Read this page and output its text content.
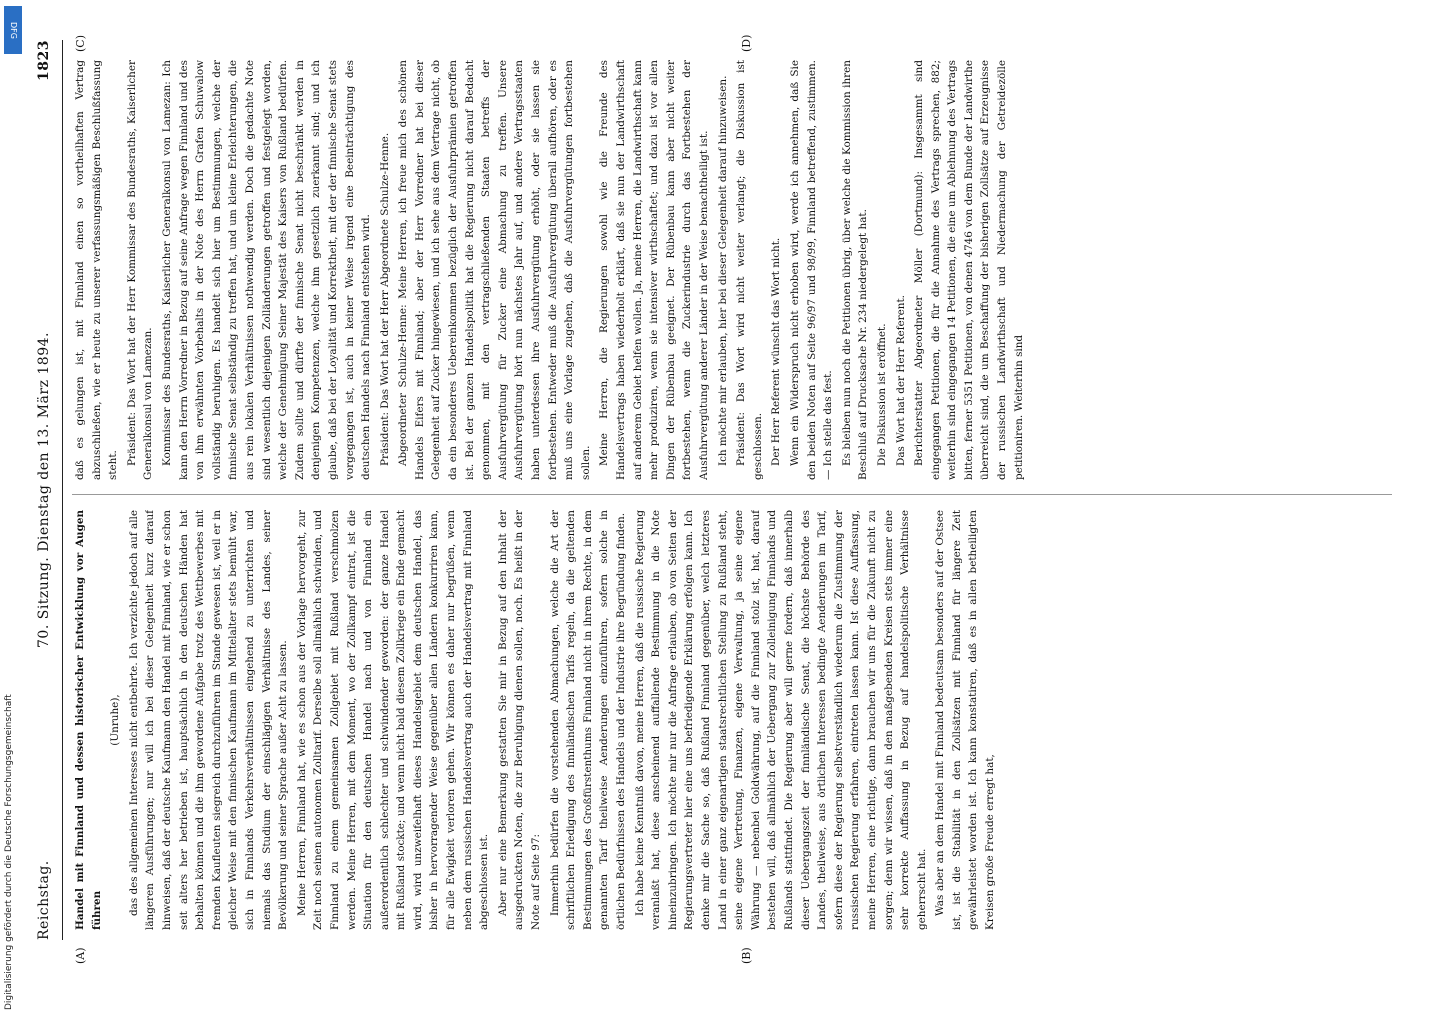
Reichstag.
70. Sitzung. Dienstag den 13. März 1894.
1823
(A)	(B)
(C)	(D)

Handel mit Finnland und dessen historischer Entwicklung vor Augen führen

(Unruhe), das des allgemeinen Interesses nicht entbehrte. Ich verzichte jedoch auf alle längeren Ausführungen; nur will ich bei dieser Gelegenheit kurz darauf hinweisen, daß der deutsche Kaufmann den Handel mit Finnland, wie er schon seit alters her betrieben ist, hauptsächlich in den deutschen Händen hat behalten können und die ihm gewordene Aufgabe trotz des Wettbewerbes mit fremden Kaufleuten siegreich durchzuführen im Stande gewesen ist, weil er in gleicher Weise mit den finnischen Kaufmann im Mittelalter stets bemüht war, sich in Finnlands Verkehrsverhältnissen eingehend zu unterrichten und niemals das Studium der einschlägigen Verhältnisse des Landes, seiner Bevölkerung und seiner Sprache außer Acht zu lassen. Meine Herren, Finnland hat, wie es schon aus der Vorlage hervorgeht, zur Zeit noch seinen autonomen Zolltarif. Derselbe soll allmählich schwinden, und Finnland zu einem gemeinsamen Zollgebiet mit Rußland verschmolzen werden. Meine Herren, mit dem Moment, wo der Zollkampf eintrat, ist die Situation für den deutschen Handel nach und von Finnland ein außerordentlich schlechter und schwindender geworden: der ganze Handel mit Rußland stockte; und wenn nicht bald diesem Zollkriege ein Ende gemacht wird, wird unzweifelhaft dieses Handelsgebiet dem deutschen Handel, das bisher in hervorragender Weise gegenüber allen Ländern konkurriren kann, für alle Ewigkeit verloren gehen. Wir können es daher nur begrüßen, wenn neben dem russischen Handelsvertrag auch der Handelsvertrag mit Finnland abgeschlossen ist. Aber nur eine Bemerkung gestatten Sie mir in Bezug auf den Inhalt der ausgedruckten Noten, die zur Beruhigung dienen sollen, noch. Es heißt in der Note auf Seite 97: Immerhin bedürfen die vorstehenden Abmachungen, welche die Art der schriftlichen Erledigung des finnländischen Tarifs regeln, da die geltenden Bestimmungen des Großfürstenthums Finnland nicht in ihrem Rechte, in dem genannten Tarif theilweise Aenderungen einzuführen, sofern solche in örtlichen Bedürfnissen des Handels und der Industrie ihre Begründung finden. Ich habe keine Kenntniß davon, meine Herren, daß die russische Regierung veranlaßt hat, diese anscheinend auffallende Bestimmung in die Note hineinzubringen. Ich möchte mir nur die Anfrage erlauben, ob von Seiten der Regierungsvertreter hier eine uns befriedigende Erklärung erfolgen kann. Ich denke mir die Sache so, daß Rußland Finnland gegenüber, welch letzteres Land in einer ganz eigenartigen staatsrechtlichen Stellung zu Rußland steht, seine eigene Vertretung, Finanzen, eigene Verwaltung, ja seine eigene Währung — nebenbei Goldwährung, auf die Finnland stolz ist, hat, darauf bestehen will, daß allmählich der Uebergang zur Zolleinigung Finnlands und Rußlands stattfindet. Die Regierung aber will gerne fordern, daß innerhalb dieser Uebergangszeit der finnländische Senat, die höchste Behörde des Landes, theilweise, aus örtlichen Interessen bedingte Aenderungen im Tarif, sofern diese der Regierung selbstverständlich wiederum die Zustimmung der russischen Regierung erfahren, eintreten lassen kann. Ist diese Auffassung, meine Herren, eine richtige, dann brauchen wir uns für die Zukunft nicht zu sorgen; denn wir wissen, daß in den maßgebenden Kreisen stets immer eine sehr korrekte Auffassung in Bezug auf handelspolitische Verhältnisse geherrscht hat. Was aber an dem Handel mit Finnland bedeutsam besonders auf der Ostsee ist, ist die Stabilität in den Zollsätzen mit Finnland für längere Zeit gewährleistet worden ist. Ich kann konstatiren, daß es in allen betheiligten Kreisen große Freude erregt hat,

daß es gelungen ist, mit Finnland einen so vortheilhaften Vertrag abzuschließen, wie er heute zu unserer verfassungsmäßigen Beschlußfassung steht. Präsident: Das Wort hat der Herr Kommissar des Bundesraths, Kaiserlicher Generalkonsul von Lamezan. Kommissar des Bundesraths, Kaiserlicher Generalkonsul von Lamezan: Ich kann den Herrn Vorredner in Bezug auf seine Anfrage wegen Finnland und des von ihm erwähnten Vorbehalts in der Note des Herrn Grafen Schuwalow vollständig beruhigen. Es handelt sich hier um Bestimmungen, welche der finnische Senat selbständig zu treffen hat, und um kleine Erleichterungen, die aus rein lokalen Verhältnissen nothwendig werden. Doch die gedachte Note sind wesentlich diejenigen Zolländerungen getroffen und festgelegt worden, welche der Genehmigung Seiner Majestät des Kaisers von Rußland bedürfen. Zudem sollte und dürfte der finnische Senat nicht beschränkt werden in denjenigen Kompetenzen, welche ihm gesetzlich zuerkannt sind; und ich glaube, daß bei der Loyalität und Korrektheit, mit der der finnische Senat stets vorgegangen ist, auch in keiner Weise irgend eine Beeinträchtigung des deutschen Handels nach Finnland entstehen wird. Präsident: Das Wort hat der Herr Abgeordnete Schulze-Henne. Abgeordneter Schulze-Henne: Meine Herren, ich freue mich des schönen Handels Eifers mit Finnland; aber der Herr Vorredner hat bei dieser Gelegenheit auf Zucker hingewiesen, und ich sehe aus dem Vertrage nicht, ob da ein besonderes Uebereinkommen bezüglich der Ausfuhrprämien getroffen ist. Bei der ganzen Handelspolitik hat die Regierung nicht darauf Bedacht genommen, mit den vertragschließenden Staaten betreffs der Ausfuhrvergütung für Zucker eine Abmachung zu treffen. Unsere Ausfuhrvergütung hört nun nächstes Jahr auf, und andere Vertragsstaaten haben unterdessen ihre Ausfuhrvergütung erhöht, oder sie lassen sie fortbestehen. Entweder muß die Ausfuhrvergütung überall aufhören, oder es muß uns eine Vorlage zugehen, daß die Ausfuhrvergütungen fortbestehen sollen. Meine Herren, die Regierungen sowohl wie die Freunde des Handelsvertrags haben wiederholt erklärt, daß sie nun der Landwirthschaft auf anderem Gebiet helfen wollen. Ja, meine Herren, die Landwirthschaft kann mehr produziren, wenn sie intensiver wirthschaftet; und dazu ist vor allen Dingen der Rübenbau geeignet. Der Rübenbau kann aber nicht weiter fortbestehen, wenn die Zuckerindustrie durch das Fortbestehen der Ausfuhrvergütung anderer Länder in der Weise benachtheiligt ist. Ich möchte mir erlauben, hier bei dieser Gelegenheit darauf hinzuweisen. Präsident: Das Wort wird nicht weiter verlangt; die Diskussion ist geschlossen. Der Herr Referent wünscht das Wort nicht. Wenn ein Widerspruch nicht erhoben wird, werde ich annehmen, daß Sie den beiden Noten auf Seite 96/97 und 98/99, Finnland betreffend, zustimmen. — Ich stelle das fest. Es bleiben nun noch die Petitionen übrig, über welche die Kommission ihren Beschluß auf Drucksache Nr. 234 niedergelegt hat. Die Diskussion ist eröffnet. Das Wort hat der Herr Referent. Berichterstatter Abgeordneter Möller (Dortmund): Insgesammt sind eingegangen Petitionen, die für die Annahme des Vertrags sprechen, 882; weiterhin sind eingegangen 14 Petitionen, die eine um Ablehnung des Vertrags bitten, ferner 5351 Petitionen, von denen 4746 von dem Bunde der Landwirthe überreicht sind, die um Beschaffung der bisherigen Zollsätze auf Erzeugnisse der russischen Landwirthschaft und Niedermachung der Getreidezölle petitioniren. Weiterhin sind

DFG
Digitalisierung gefördert durch die Deutsche Forschungsgemeinschaft
